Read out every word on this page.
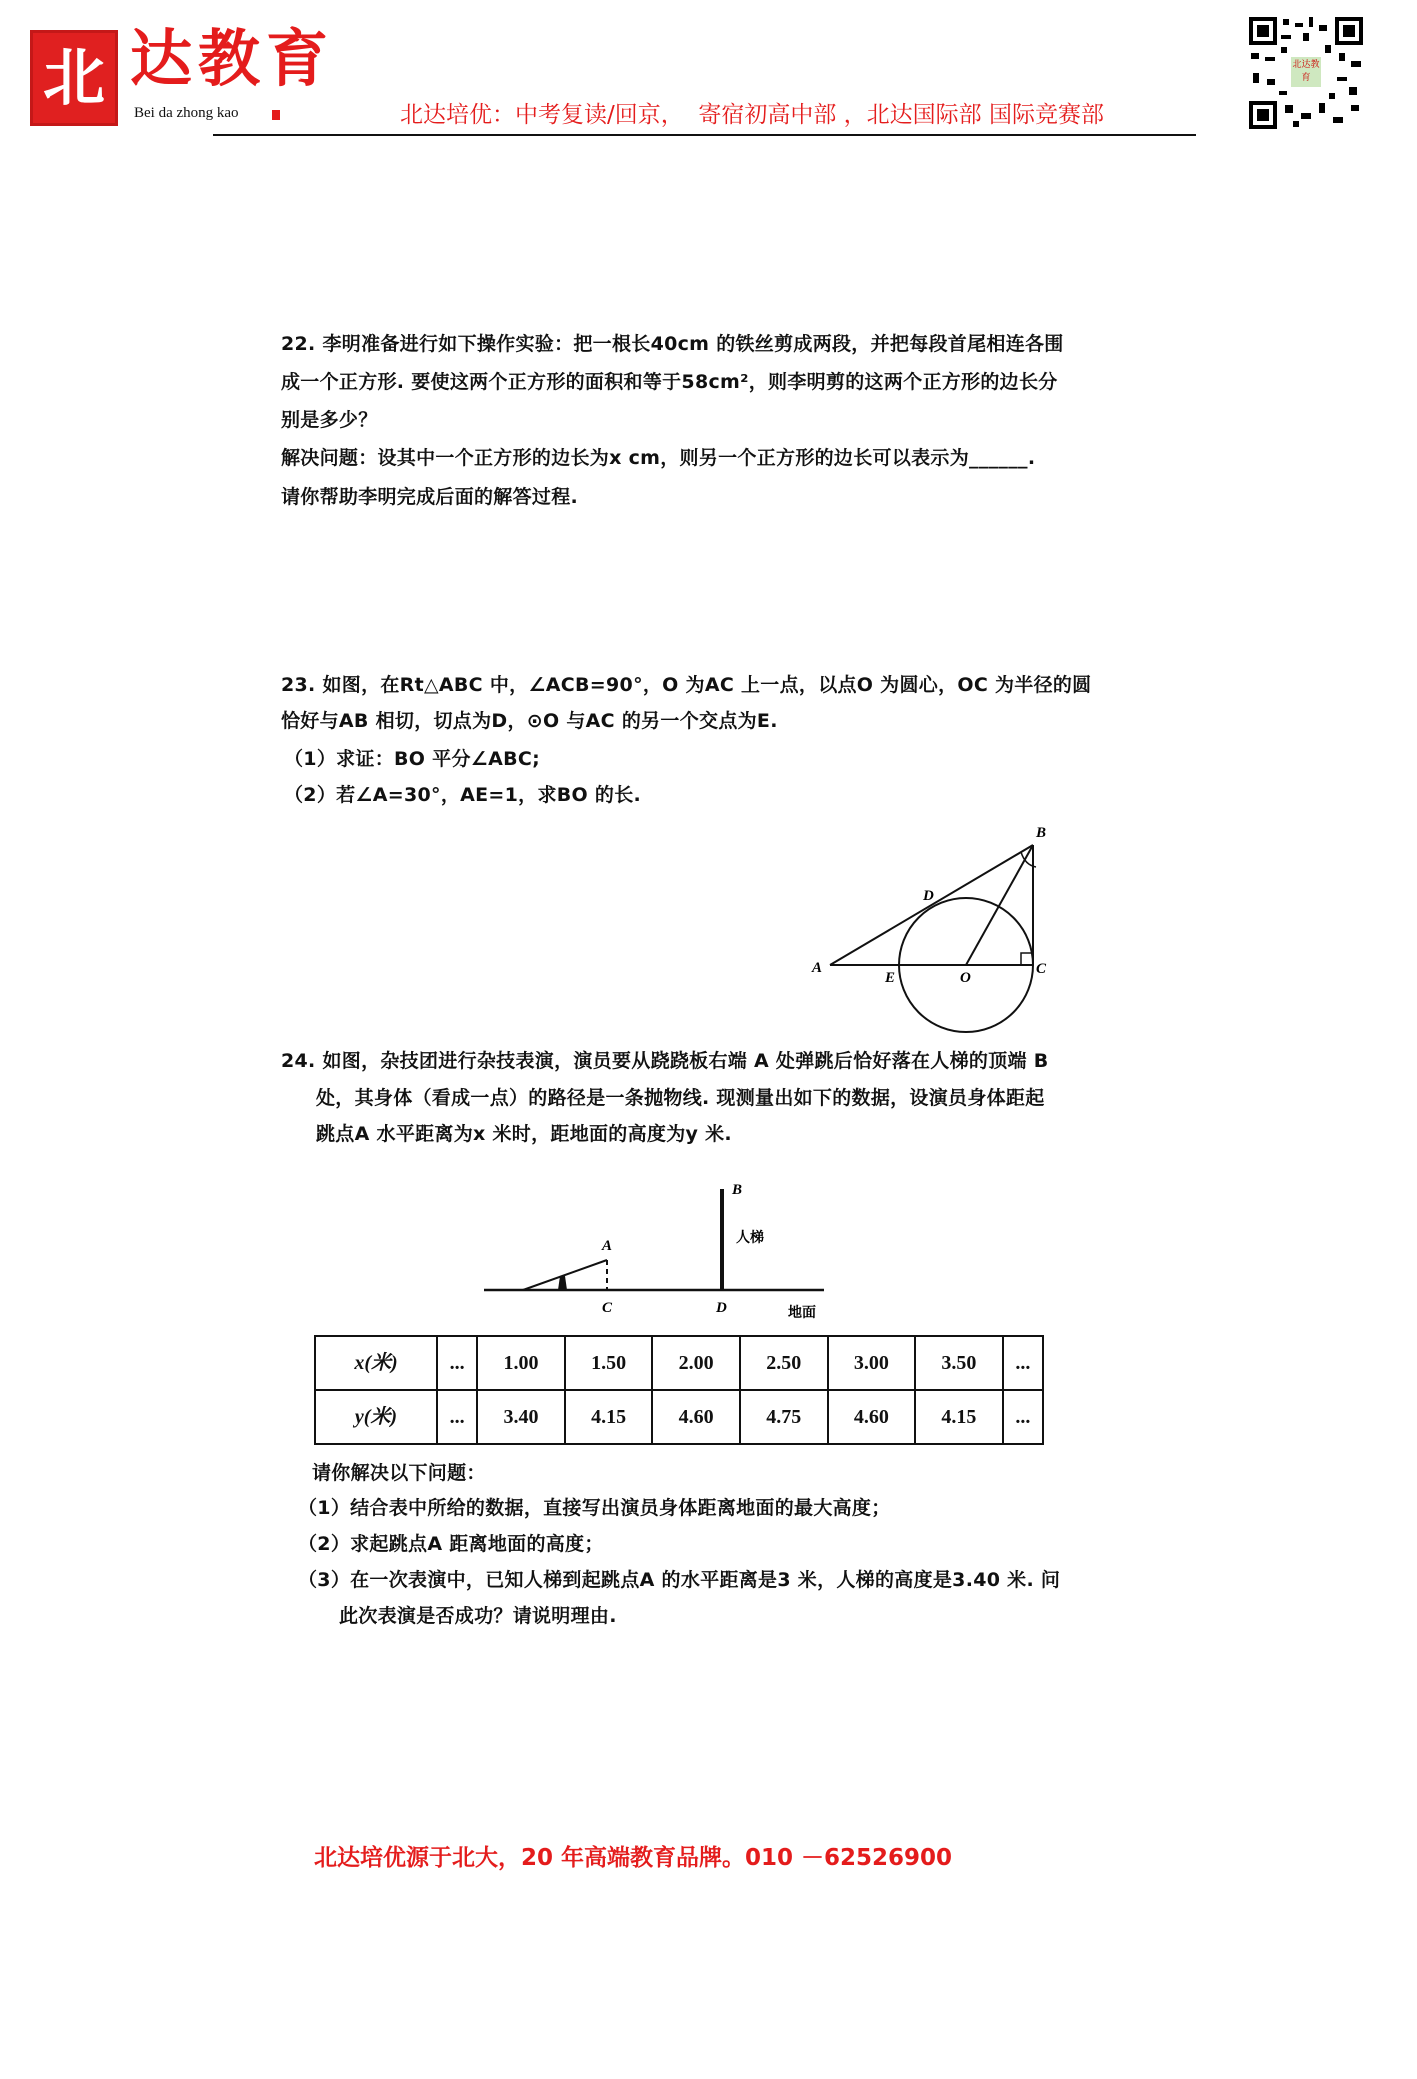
北 达教育
Bei da zhong kao	北达培优：中考复读/回京，  寄宿初高中部 ，北达国际部 国际竞赛部
北达教育
22. 李明准备进行如下操作实验：把一根长40cm 的铁丝剪成两段，并把每段首尾相连各围
成一个正方形. 要使这两个正方形的面积和等于58cm²，则李明剪的这两个正方形的边长分
别是多少？
解决问题：设其中一个正方形的边长为x cm，则另一个正方形的边长可以表示为______.
请你帮助李明完成后面的解答过程.
23. 如图，在Rt△ABC 中，∠ACB=90°，O 为AC 上一点，以点O 为圆心，OC 为半径的圆
恰好与AB 相切，切点为D，⊙O 与AC 的另一个交点为E.
（1）求证：BO 平分∠ABC;
（2）若∠A=30°，AE=1，求BO 的长.
A
B
C
D
E	O
24. 如图，杂技团进行杂技表演，演员要从跷跷板右端 A 处弹跳后恰好落在人梯的顶端 B
处，其身体（看成一点）的路径是一条抛物线. 现测量出如下的数据，设演员身体距起
跳点A 水平距离为x 米时，距地面的高度为y 米.
A
C
B
D
人梯
地面
x(米)	...	1.00	1.50	2.00	2.50	3.00	3.50	...
y(米)	...	3.40	4.15	4.60	4.75	4.60	4.15	...
请你解决以下问题：
（1）结合表中所给的数据，直接写出演员身体距离地面的最大高度；
（2）求起跳点A 距离地面的高度；
（3）在一次表演中，已知人梯到起跳点A 的水平距离是3 米，人梯的高度是3.40 米. 问
此次表演是否成功？请说明理由.
北达培优源于北大，20 年高端教育品牌。010 －62526900
